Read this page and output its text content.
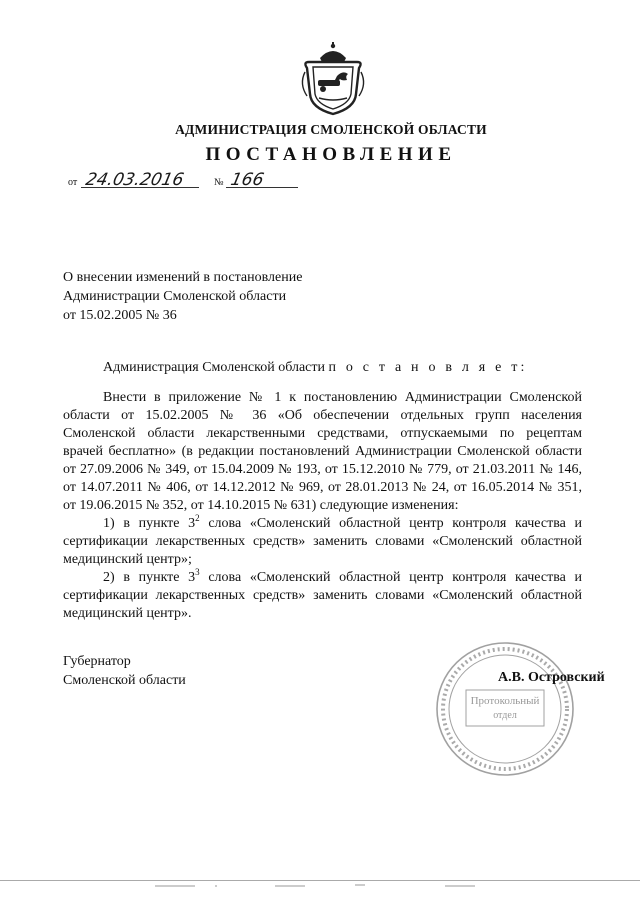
АДМИНИСТРАЦИЯ СМОЛЕНСКОЙ ОБЛАСТИ
ПОСТАНОВЛЕНИЕ
от 24.03.2016	№ 166
О внесении изменений в постановление
Администрации Смоленской области
от 15.02.2005 № 36
Администрация Смоленской области п о с т а н о в л я е т:

Внести в приложение № 1 к постановлению Администрации Смоленской

области от 15.02.2005 № 36 «Об обеспечении отдельных групп населения

Смоленской области лекарственными средствами, отпускаемыми по рецептам

врачей бесплатно» (в редакции постановлений Администрации Смоленской области

от 27.09.2006 № 349, от 15.04.2009 № 193, от 15.12.2010 № 779, от 21.03.2011 № 146,

от 14.07.2011 № 406, от 14.12.2012 № 969, от 28.01.2013 № 24, от 16.05.2014 № 351,

от 19.06.2015 № 352, от 14.10.2015 № 631) следующие изменения:

1) в пункте $3^2$ слова «Смоленский областной центр контроля качества и

сертификации лекарственных средств» заменить словами «Смоленский областной

медицинский центр»;

2) в пункте $3^3$ слова «Смоленский областной центр контроля качества и

сертификации лекарственных средств» заменить словами «Смоленский областной

медицинский центр».

Губернатор
Смоленской области
Протокольный
отдел
А.В. Островский
